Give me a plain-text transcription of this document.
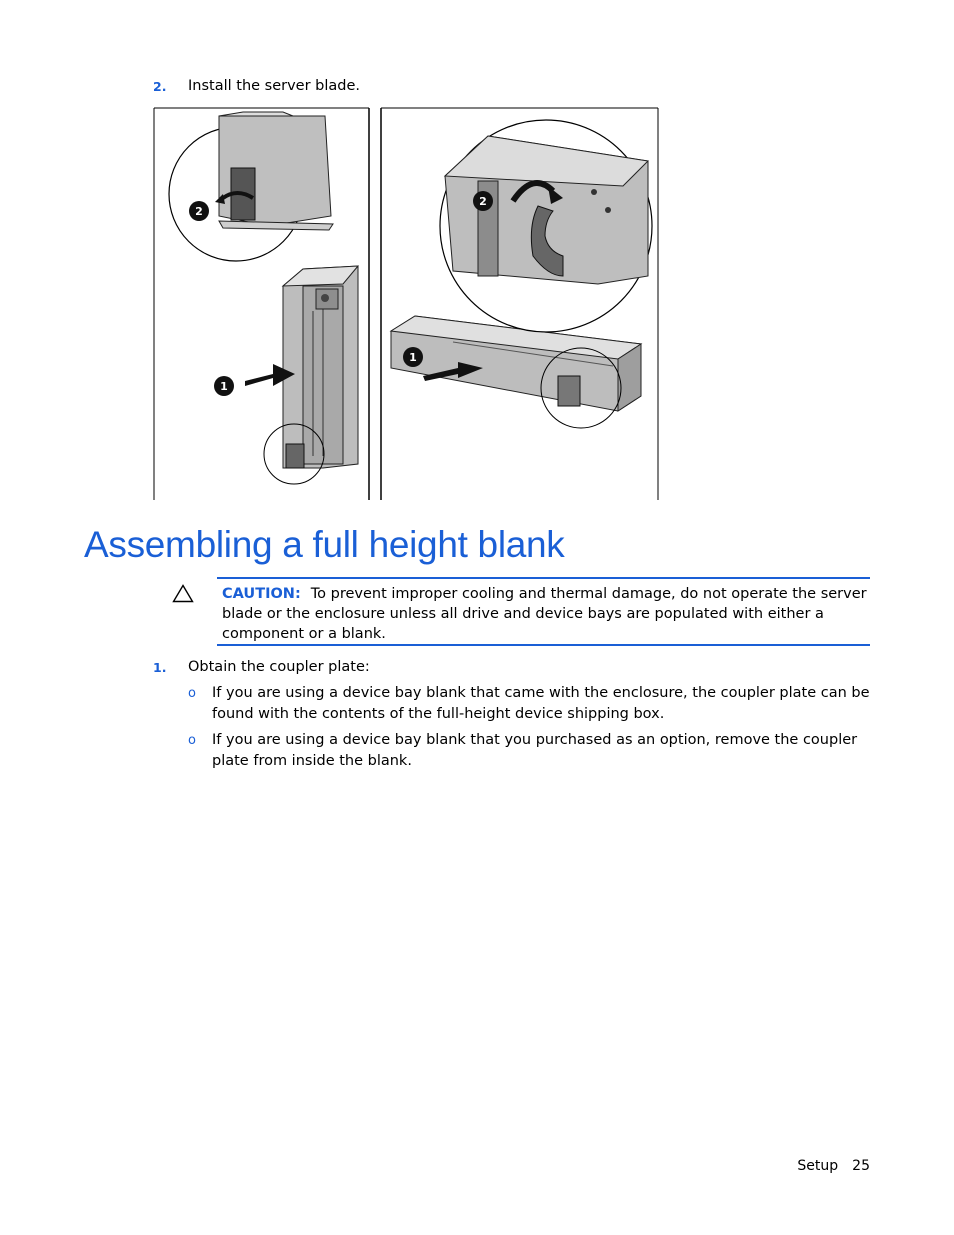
2. Install the server blade.
2
1
1
2
Assembling a full height blank
CAUTION: To prevent improper cooling and thermal damage, do not operate the server blade or the enclosure unless all drive and device bays are populated with either a component or a blank.
1. Obtain the coupler plate:
o If you are using a device bay blank that came with the enclosure, the coupler plate can be found with the contents of the full-height device shipping box.
o If you are using a device bay blank that you purchased as an option, remove the coupler plate from inside the blank.
Setup 25
